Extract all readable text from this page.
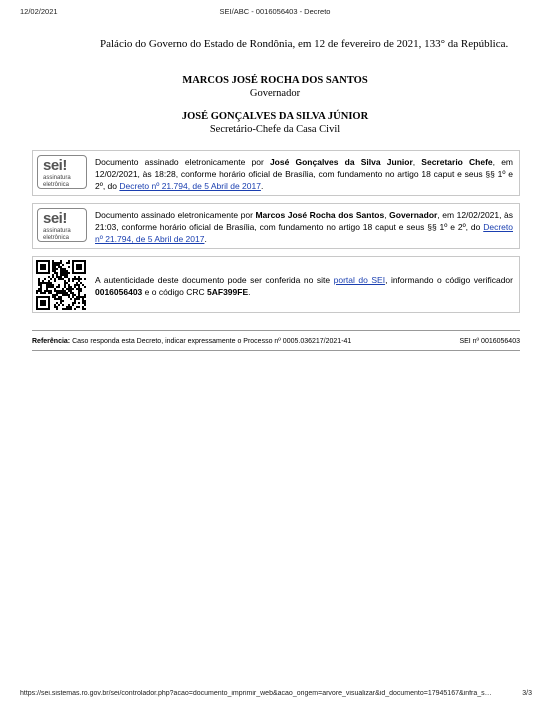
12/02/2021	SEI/ABC - 0016056403 - Decreto
Palácio do Governo do Estado de Rondônia, em 12 de fevereiro de 2021, 133° da República.
MARCOS JOSÉ ROCHA DOS SANTOS
Governador
JOSÉ GONÇALVES DA SILVA JÚNIOR
Secretário-Chefe da Casa Civil
sei!
assinatura
eletrônica
Documento assinado eletronicamente por José Gonçalves da Silva Junior, Secretario Chefe, em 12/02/2021, às 18:28, conforme horário oficial de Brasília, com fundamento no artigo 18 caput e seus §§ 1º e 2º, do Decreto nº 21.794, de 5 Abril de 2017.
sei!
assinatura
eletrônica
Documento assinado eletronicamente por Marcos José Rocha dos Santos, Governador, em 12/02/2021, às 21:03, conforme horário oficial de Brasília, com fundamento no artigo 18 caput e seus §§ 1º e 2º, do Decreto nº 21.794, de 5 Abril de 2017.
A autenticidade deste documento pode ser conferida no site portal do SEI, informando o código verificador 0016056403 e o código CRC 5AF399FE.
Referência: Caso responda esta Decreto, indicar expressamente o Processo nº 0005.036217/2021-41	SEI nº 0016056403
https://sei.sistemas.ro.gov.br/sei/controlador.php?acao=documento_imprimir_web&acao_origem=arvore_visualizar&id_documento=17945167&infra_s…	3/3
